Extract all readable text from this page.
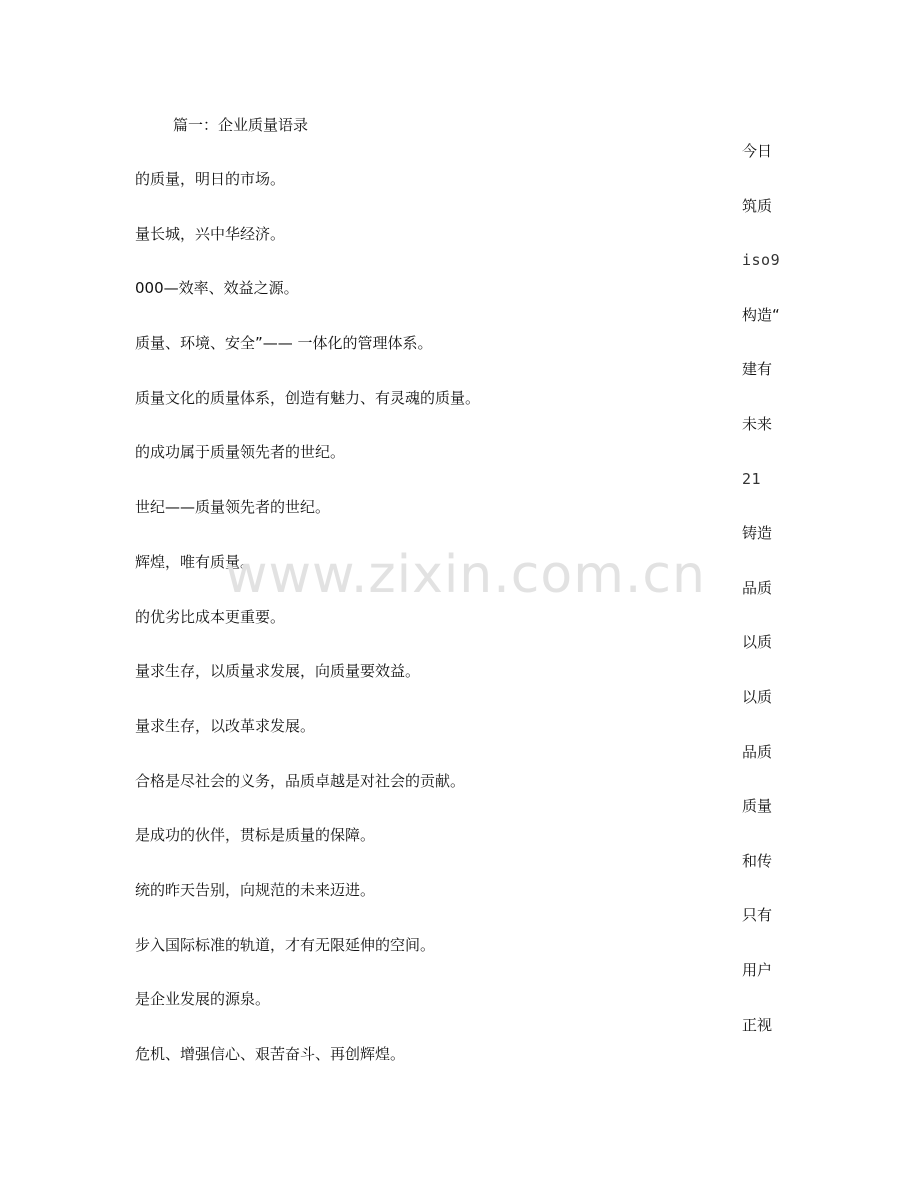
篇一：企业质量语录
今日
筑质
iso9
构造“
建有
未来
21
铸造
品质
以质
以质
品质
质量
和传
只有
用户
正视
的质量，明日的市场。
量长城，兴中华经济。
000—效率、效益之源。
质量、环境、安全”—— 一体化的管理体系。
质量文化的质量体系，创造有魅力、有灵魂的质量。
的成功属于质量领先者的世纪。
世纪——质量领先者的世纪。
辉煌，唯有质量。
的优劣比成本更重要。
量求生存，以质量求发展，向质量要效益。
量求生存，以改革求发展。
合格是尽社会的义务，品质卓越是对社会的贡献。
是成功的伙伴，贯标是质量的保障。
统的昨天告别，向规范的未来迈进。
步入国际标准的轨道，才有无限延伸的空间。
是企业发展的源泉。
危机、增强信心、艰苦奋斗、再创辉煌。
www.zixin.com.cn
